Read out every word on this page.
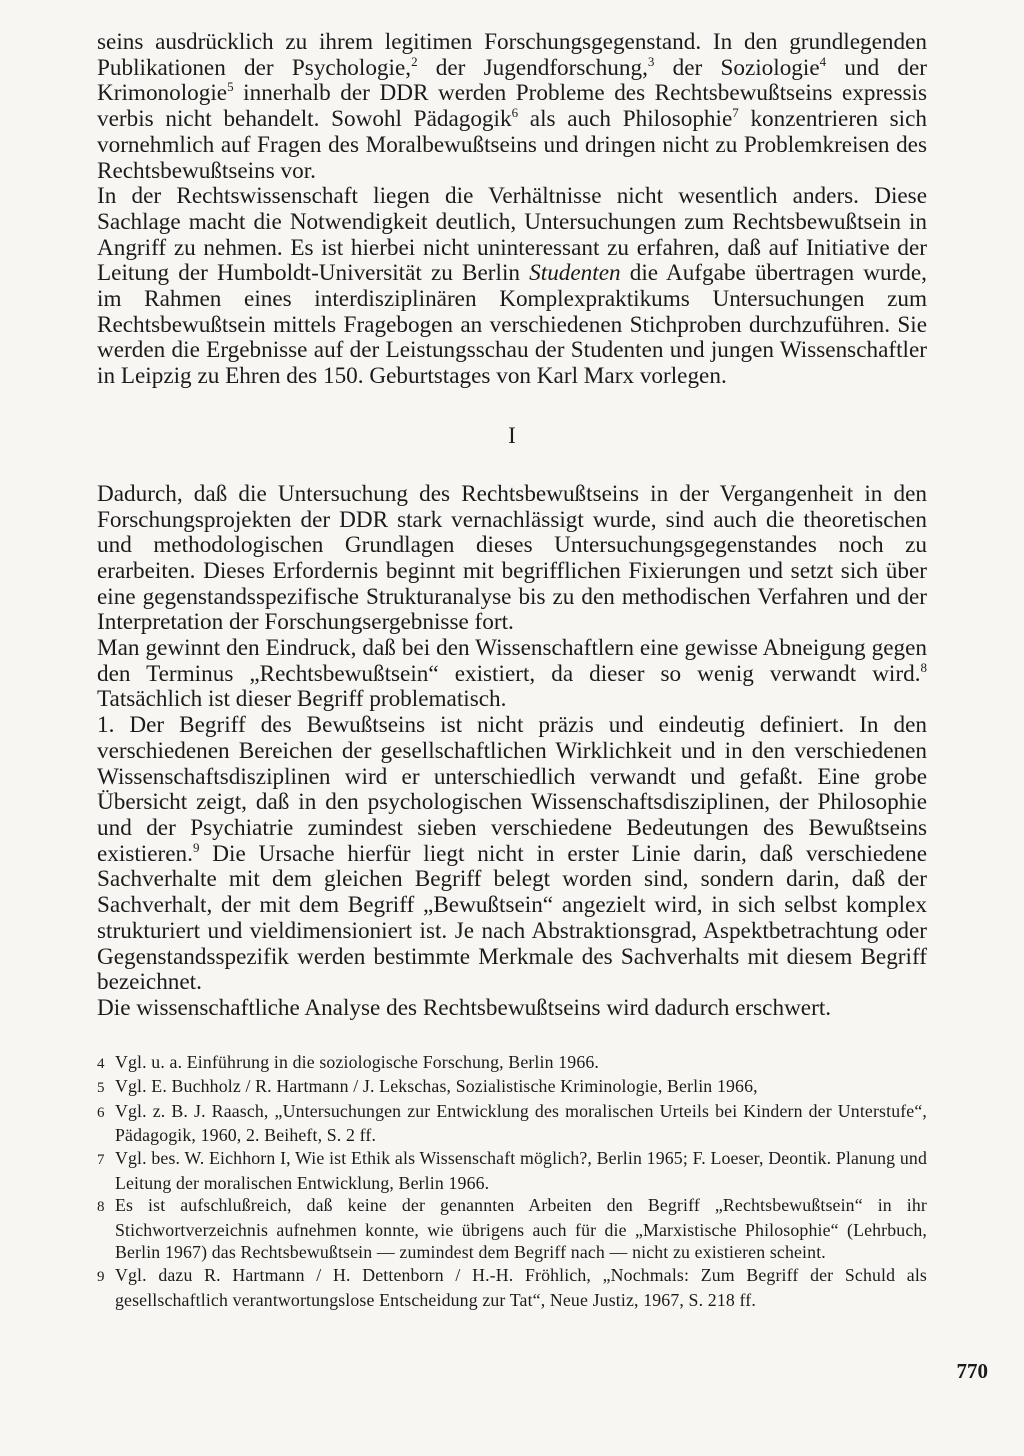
seins ausdrücklich zu ihrem legitimen Forschungsgegenstand. In den grundlegenden Publikationen der Psychologie,$^2$ der Jugendforschung,$^3$ der Soziologie$^4$ und der Krimonologie$^5$ innerhalb der DDR werden Probleme des Rechtsbewußtseins expressis verbis nicht behandelt. Sowohl Pädagogik$^6$ als auch Philosophie$^7$ konzentrieren sich vornehmlich auf Fragen des Moralbewußtseins und dringen nicht zu Problemkreisen des Rechtsbewußtseins vor.

In der Rechtswissenschaft liegen die Verhältnisse nicht wesentlich anders. Diese Sachlage macht die Notwendigkeit deutlich, Untersuchungen zum Rechtsbewußtsein in Angriff zu nehmen. Es ist hierbei nicht uninteressant zu erfahren, daß auf Initiative der Leitung der Humboldt-Universität zu Berlin Studenten die Aufgabe übertragen wurde, im Rahmen eines interdisziplinären Komplexpraktikums Untersuchungen zum Rechtsbewußtsein mittels Fragebogen an verschiedenen Stichproben durchzuführen. Sie werden die Ergebnisse auf der Leistungsschau der Studenten und jungen Wissenschaftler in Leipzig zu Ehren des 150. Geburtstages von Karl Marx vorlegen.

I

Dadurch, daß die Untersuchung des Rechtsbewußtseins in der Vergangenheit in den Forschungsprojekten der DDR stark vernachlässigt wurde, sind auch die theoretischen und methodologischen Grundlagen dieses Untersuchungsgegenstandes noch zu erarbeiten. Dieses Erfordernis beginnt mit begrifflichen Fixierungen und setzt sich über eine gegenstandsspezifische Strukturanalyse bis zu den methodischen Verfahren und der Interpretation der Forschungsergebnisse fort.

Man gewinnt den Eindruck, daß bei den Wissenschaftlern eine gewisse Abneigung gegen den Terminus „Rechtsbewußtsein“ existiert, da dieser so wenig verwandt wird.$^8$ Tatsächlich ist dieser Begriff problematisch.

1. Der Begriff des Bewußtseins ist nicht präzis und eindeutig definiert. In den verschiedenen Bereichen der gesellschaftlichen Wirklichkeit und in den verschiedenen Wissenschaftsdisziplinen wird er unterschiedlich verwandt und gefaßt. Eine grobe Übersicht zeigt, daß in den psychologischen Wissenschaftsdisziplinen, der Philosophie und der Psychiatrie zumindest sieben verschiedene Bedeutungen des Bewußtseins existieren.$^9$ Die Ursache hierfür liegt nicht in erster Linie darin, daß verschiedene Sachverhalte mit dem gleichen Begriff belegt worden sind, sondern darin, daß der Sachverhalt, der mit dem Begriff „Bewußtsein“ angezielt wird, in sich selbst komplex strukturiert und vieldimensioniert ist. Je nach Abstraktionsgrad, Aspektbetrachtung oder Gegenstandsspezifik werden bestimmte Merkmale des Sachverhalts mit diesem Begriff bezeichnet.

Die wissenschaftliche Analyse des Rechtsbewußtseins wird dadurch erschwert.

4 Vgl. u. a. Einführung in die soziologische Forschung, Berlin 1966.

5 Vgl. E. Buchholz / R. Hartmann / J. Lekschas, Sozialistische Kriminologie, Berlin 1966,

6 Vgl. z. B. J. Raasch, „Untersuchungen zur Entwicklung des moralischen Urteils bei Kindern der Unterstufe“, Pädagogik, 1960, 2. Beiheft, S. 2 ff.

7 Vgl. bes. W. Eichhorn I, Wie ist Ethik als Wissenschaft möglich?, Berlin 1965; F. Loeser, Deontik. Planung und Leitung der moralischen Entwicklung, Berlin 1966.

8 Es ist aufschlußreich, daß keine der genannten Arbeiten den Begriff „Rechtsbewußtsein“ in ihr Stichwortverzeichnis aufnehmen konnte, wie übrigens auch für die „Marxistische Philosophie“ (Lehrbuch, Berlin 1967) das Rechtsbewußtsein — zumindest dem Begriff nach — nicht zu existieren scheint.

9 Vgl. dazu R. Hartmann / H. Dettenborn / H.-H. Fröhlich, „Nochmals: Zum Begriff der Schuld als gesellschaftlich verantwortungslose Entscheidung zur Tat“, Neue Justiz, 1967, S. 218 ff.

770
